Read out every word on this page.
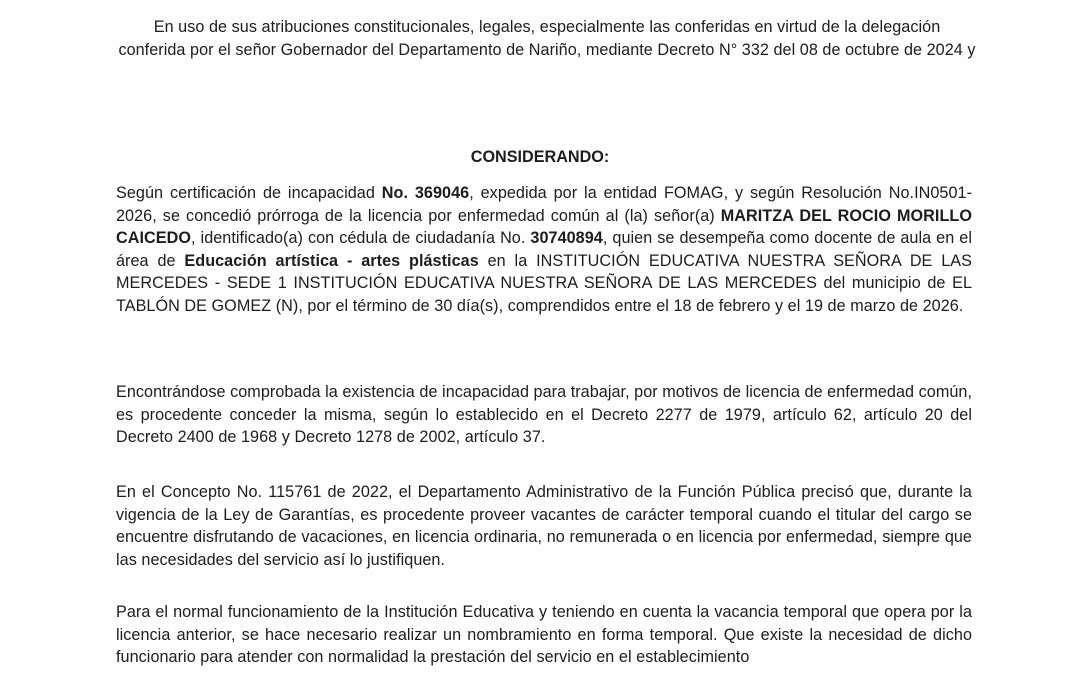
En uso de sus atribuciones constitucionales, legales, especialmente las conferidas en virtud de la delegación conferida por el señor Gobernador del Departamento de Nariño, mediante Decreto N° 332 del 08 de octubre de 2024 y
CONSIDERANDO:
Según certificación de incapacidad No. 369046, expedida por la entidad FOMAG, y según Resolución No.IN0501-2026, se concedió prórroga de la licencia por enfermedad común al (la) señor(a) MARITZA DEL ROCIO MORILLO CAICEDO, identificado(a) con cédula de ciudadanía No. 30740894, quien se desempeña como docente de aula en el área de Educación artística - artes plásticas en la INSTITUCIÓN EDUCATIVA NUESTRA SEÑORA DE LAS MERCEDES - SEDE 1 INSTITUCIÓN EDUCATIVA NUESTRA SEÑORA DE LAS MERCEDES del municipio de EL TABLÓN DE GOMEZ (N), por el término de 30 día(s), comprendidos entre el 18 de febrero y el 19 de marzo de 2026.
Encontrándose comprobada la existencia de incapacidad para trabajar, por motivos de licencia de enfermedad común, es procedente conceder la misma, según lo establecido en el Decreto 2277 de 1979, artículo 62, artículo 20 del Decreto 2400 de 1968 y Decreto 1278 de 2002, artículo 37.
En el Concepto No. 115761 de 2022, el Departamento Administrativo de la Función Pública precisó que, durante la vigencia de la Ley de Garantías, es procedente proveer vacantes de carácter temporal cuando el titular del cargo se encuentre disfrutando de vacaciones, en licencia ordinaria, no remunerada o en licencia por enfermedad, siempre que las necesidades del servicio así lo justifiquen.
Para el normal funcionamiento de la Institución Educativa y teniendo en cuenta la vacancia temporal que opera por la licencia anterior, se hace necesario realizar un nombramiento en forma temporal. Que existe la necesidad de dicho funcionario para atender con normalidad la prestación del servicio en el establecimiento
